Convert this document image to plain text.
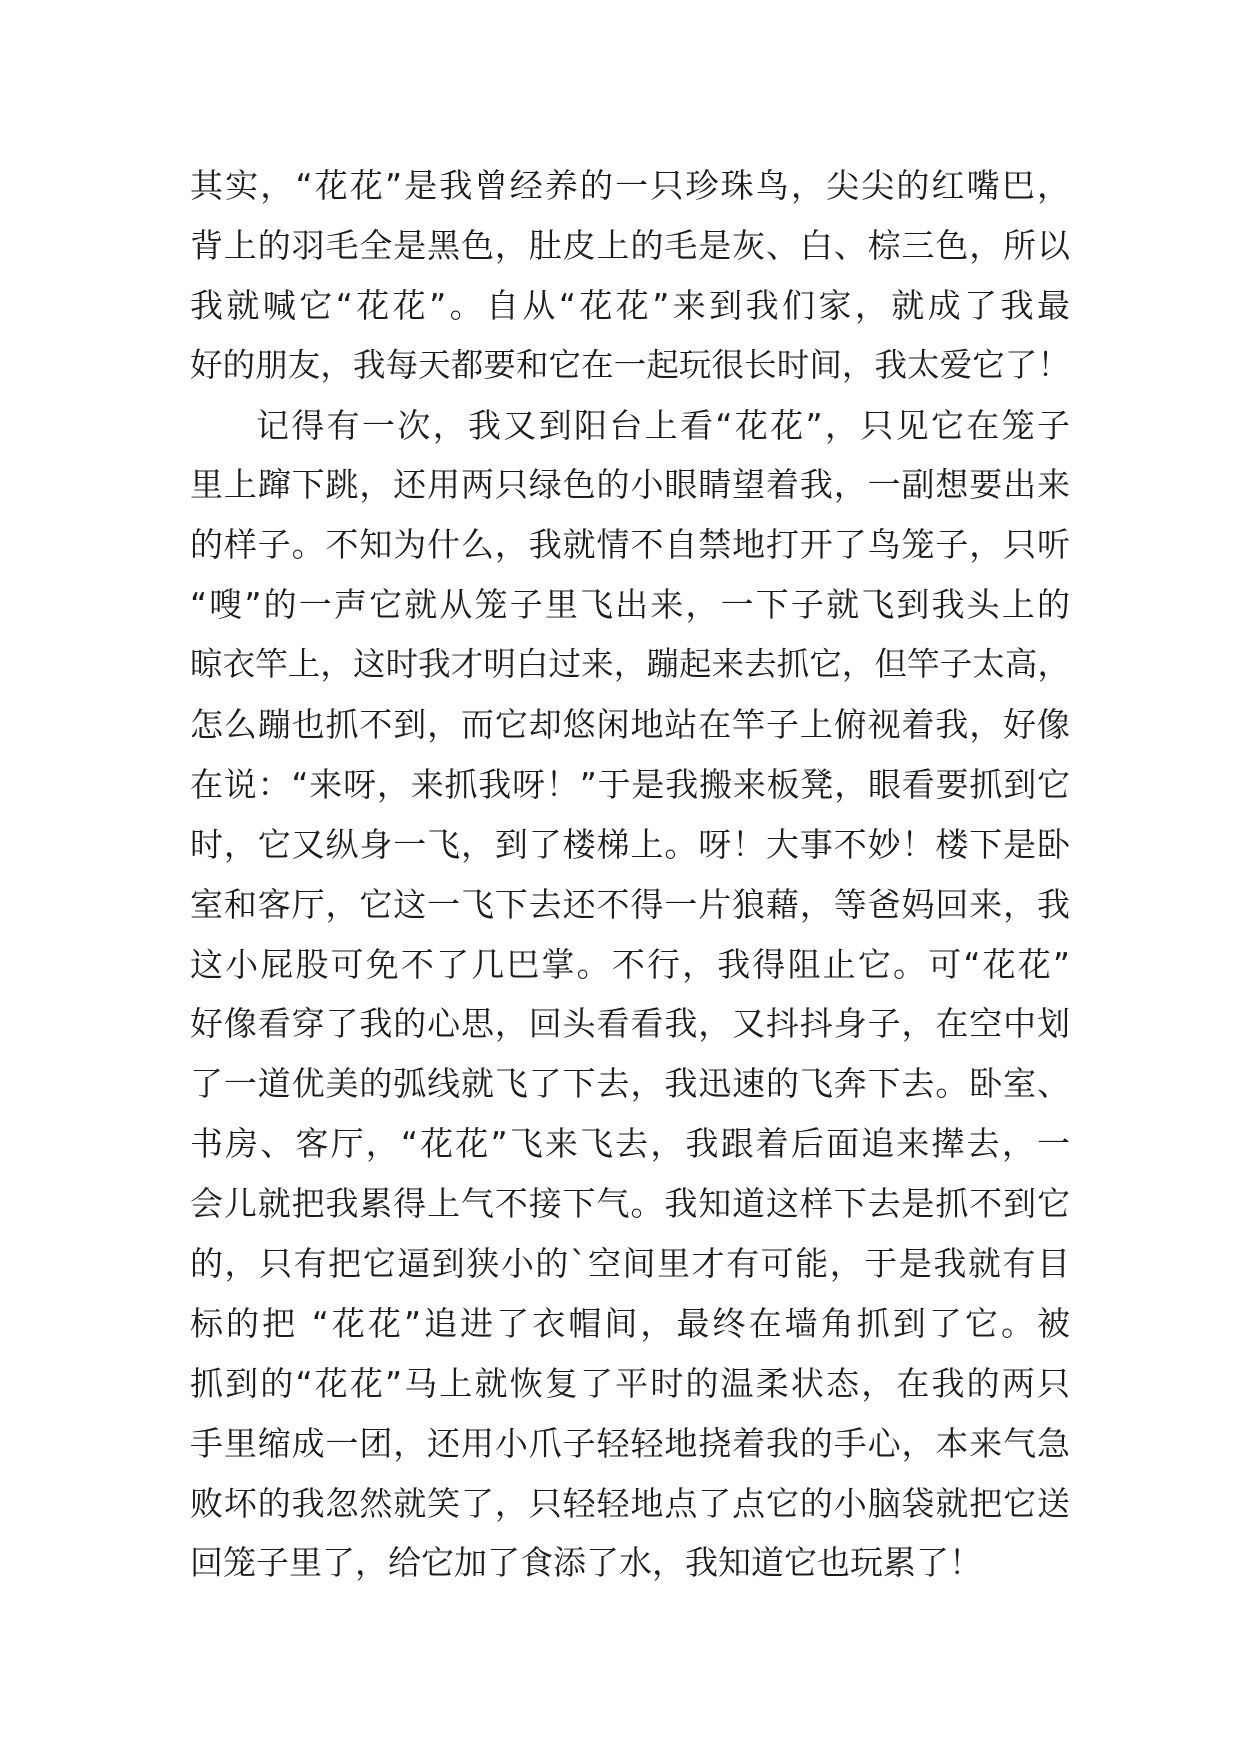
其实，“花花”是我曾经养的一只珍珠鸟，尖尖的红嘴巴，
背上的羽毛全是黑色，肚皮上的毛是灰、白、棕三色，所以
我就喊它“花花”。自从“花花”来到我们家，就成了我最
好的朋友，我每天都要和它在一起玩很长时间，我太爱它了！
记得有一次，我又到阳台上看“花花”，只见它在笼子
里上蹿下跳，还用两只绿色的小眼睛望着我，一副想要出来
的样子。不知为什么，我就情不自禁地打开了鸟笼子，只听
“嗖”的一声它就从笼子里飞出来，一下子就飞到我头上的
晾衣竿上，这时我才明白过来，蹦起来去抓它，但竿子太高，
怎么蹦也抓不到，而它却悠闲地站在竿子上俯视着我，好像
在说：“来呀，来抓我呀！”于是我搬来板凳，眼看要抓到它
时，它又纵身一飞，到了楼梯上。呀！大事不妙！楼下是卧
室和客厅，它这一飞下去还不得一片狼藉，等爸妈回来，我
这小屁股可免不了几巴掌。不行，我得阻止它。可“花花”
好像看穿了我的心思，回头看看我，又抖抖身子，在空中划
了一道优美的弧线就飞了下去，我迅速的飞奔下去。卧室、
书房、客厅，“花花”飞来飞去，我跟着后面追来撵去，一
会儿就把我累得上气不接下气。我知道这样下去是抓不到它
的，只有把它逼到狭小的`空间里才有可能，于是我就有目
标的把 “花花”追进了衣帽间，最终在墙角抓到了它。被
抓到的“花花”马上就恢复了平时的温柔状态，在我的两只
手里缩成一团，还用小爪子轻轻地挠着我的手心，本来气急
败坏的我忽然就笑了，只轻轻地点了点它的小脑袋就把它送
回笼子里了，给它加了食添了水，我知道它也玩累了！
